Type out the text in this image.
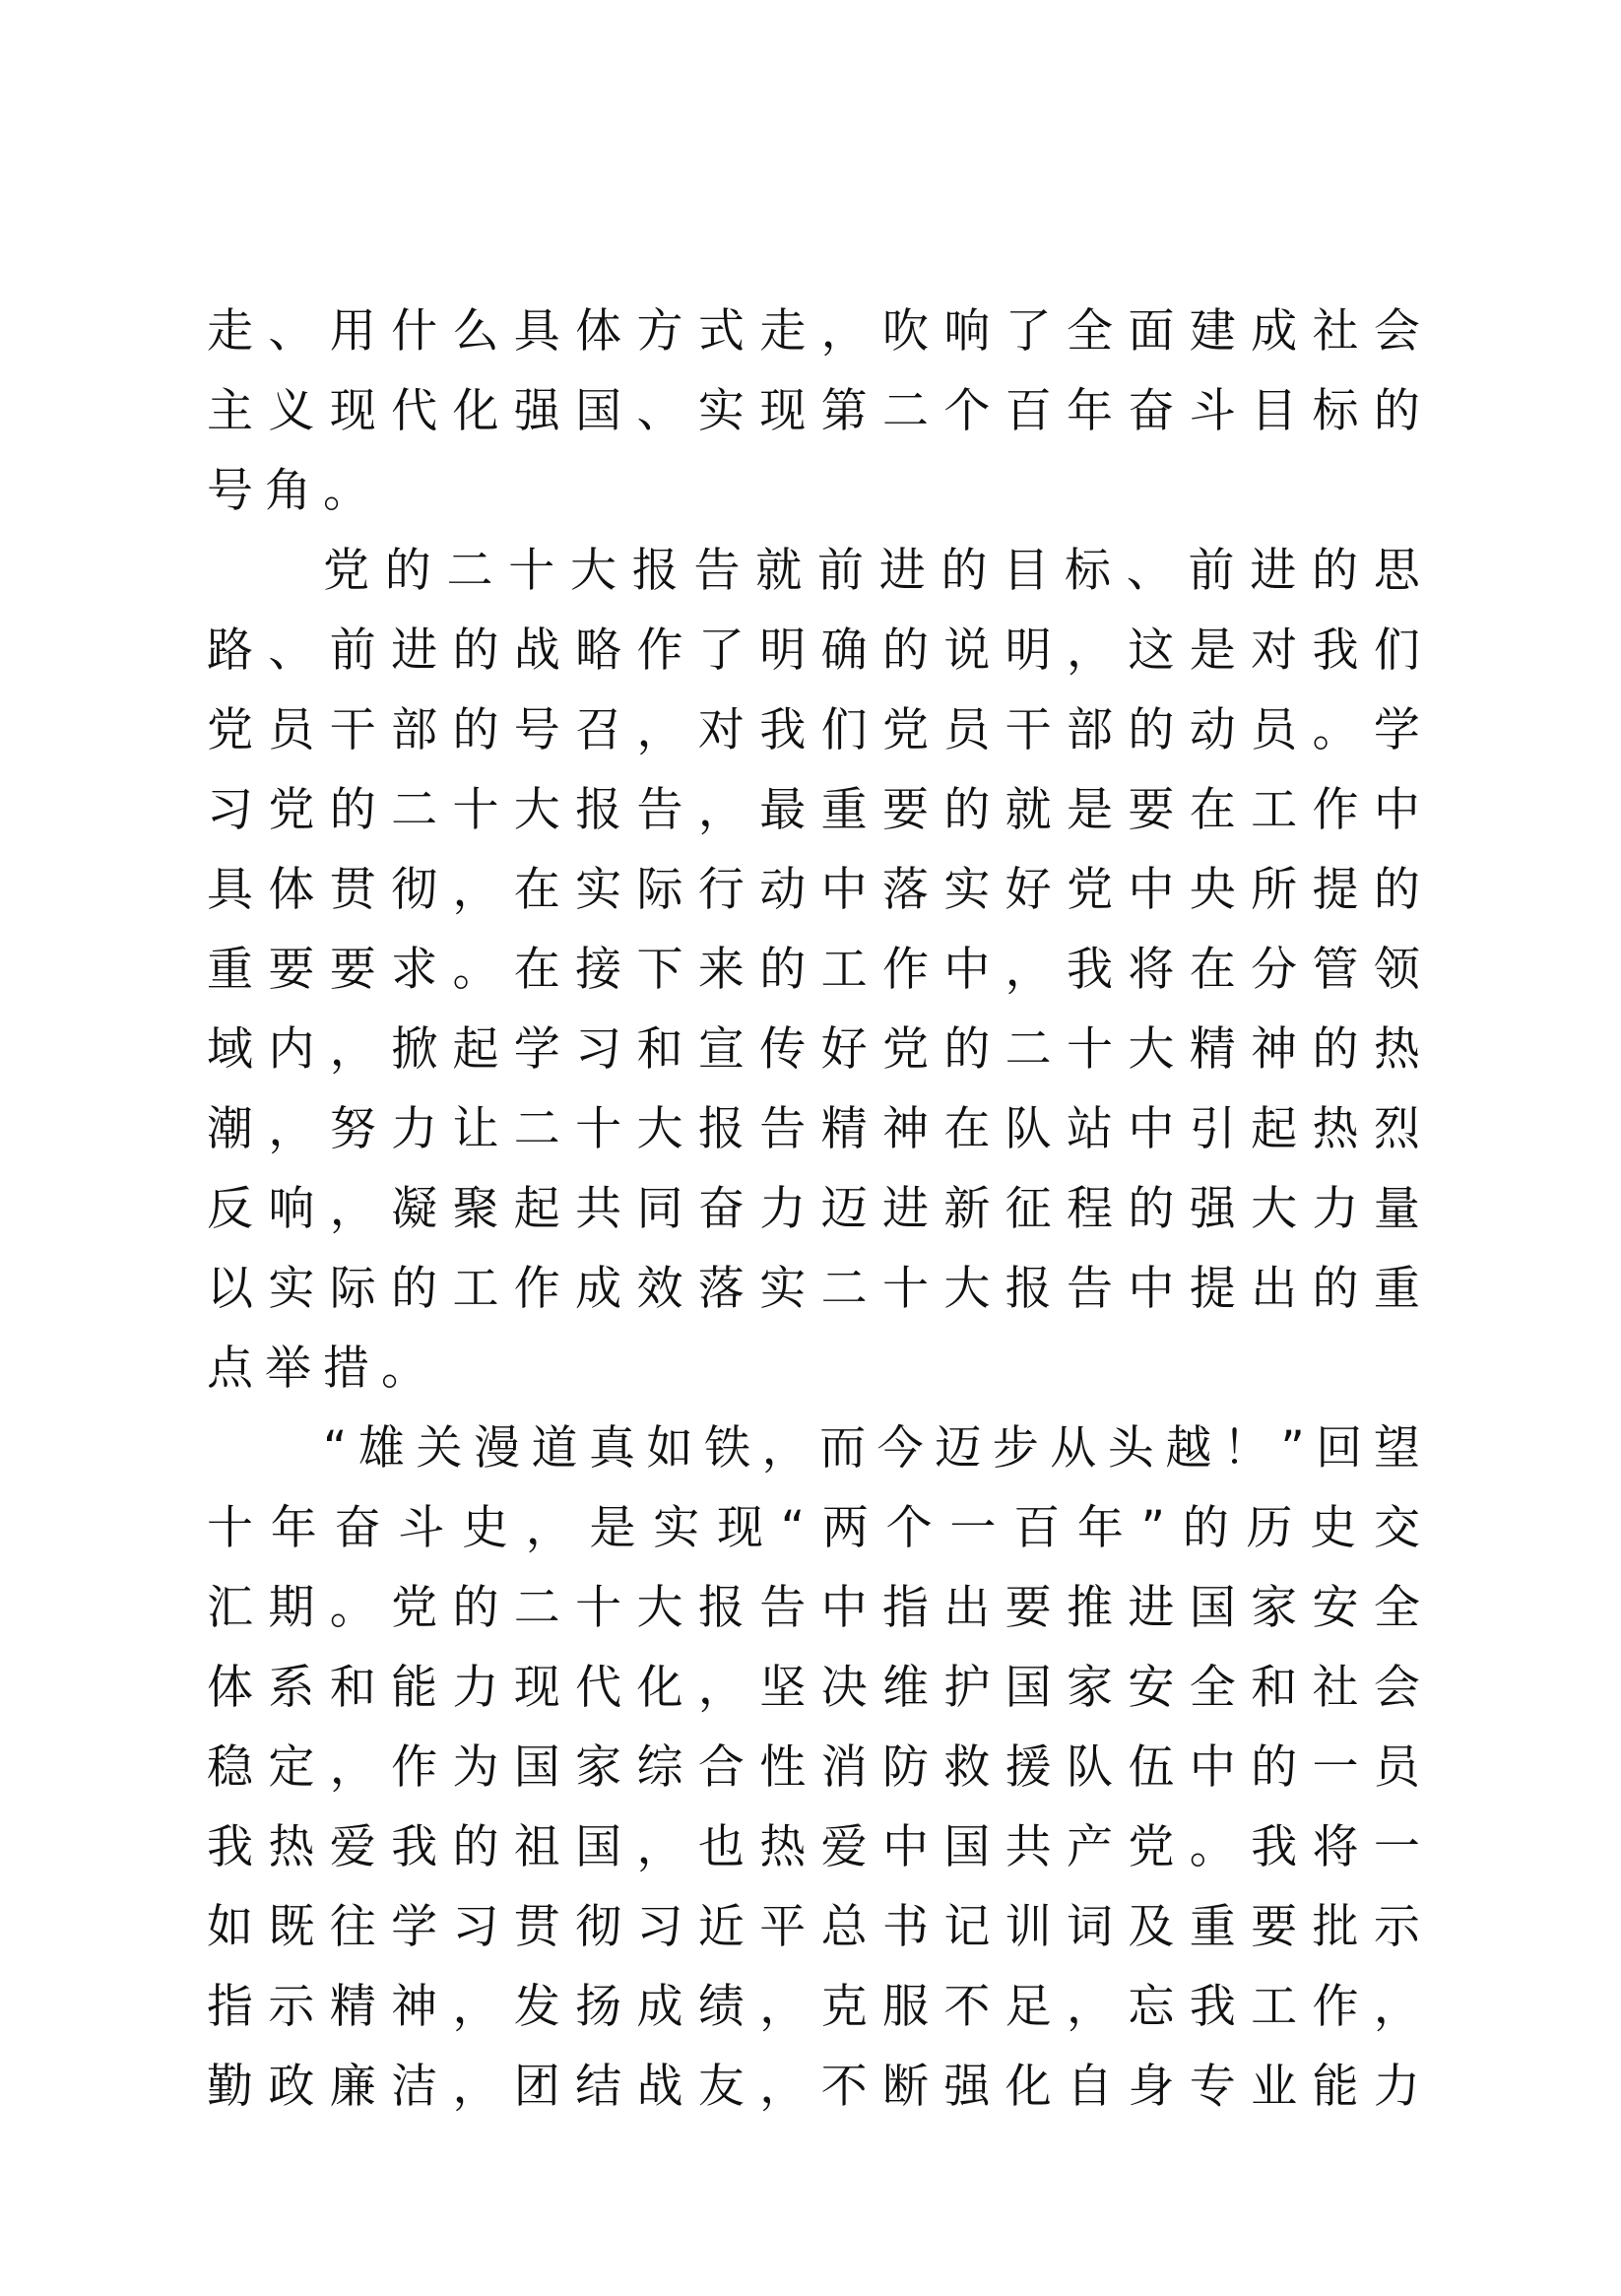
走 、 用 什 么 具 体 方 式 走 ， 吹 响 了 全 面 建 成 社 会
主 义 现 代 化 强 国 、 实 现 第 二 个 百 年 奋 斗 目 标 的
号角。
党 的 二 十 大 报 告 就 前 进 的 目 标 、 前 进 的 思
路 、 前 进 的 战 略 作 了 明 确 的 说 明 ， 这 是 对 我 们
党 员 干 部 的 号 召 ， 对 我 们 党 员 干 部 的 动 员 。 学
习 党 的 二 十 大 报 告 ， 最 重 要 的 就 是 要 在 工 作 中
具 体 贯 彻 ， 在 实 际 行 动 中 落 实 好 党 中 央 所 提 的
重 要 要 求 。 在 接 下 来 的 工 作 中 ， 我 将 在 分 管 领
域 内 ， 掀 起 学 习 和 宣 传 好 党 的 二 十 大 精 神 的 热
潮 ， 努 力 让 二 十 大 报 告 精 神 在 队 站 中 引 起 热 烈
反 响 ， 凝 聚 起 共 同 奋 力 迈 进 新 征 程 的 强 大 力 量
以 实 际 的 工 作 成 效 落 实 二 十 大 报 告 中 提 出 的 重
点举措。
“ 雄 关 漫 道 真 如 铁 ， 而 今 迈 步 从 头 越 ！ ” 回 望
十 年 奋 斗 史 ， 是 实 现 “ 两 个 一 百 年 ” 的 历 史 交
汇 期 。 党 的 二 十 大 报 告 中 指 出 要 推 进 国 家 安 全
体 系 和 能 力 现 代 化 ， 坚 决 维 护 国 家 安 全 和 社 会
稳 定 ， 作 为 国 家 综 合 性 消 防 救 援 队 伍 中 的 一 员
我 热 爱 我 的 祖 国 ， 也 热 爱 中 国 共 产 党 。 我 将 一
如 既 往 学 习 贯 彻 习 近 平 总 书 记 训 词 及 重 要 批 示
指 示 精 神 ， 发 扬 成 绩 ， 克 服 不 足 ， 忘 我 工 作 ，
勤 政 廉 洁 ， 团 结 战 友 ， 不 断 强 化 自 身 专 业 能 力
